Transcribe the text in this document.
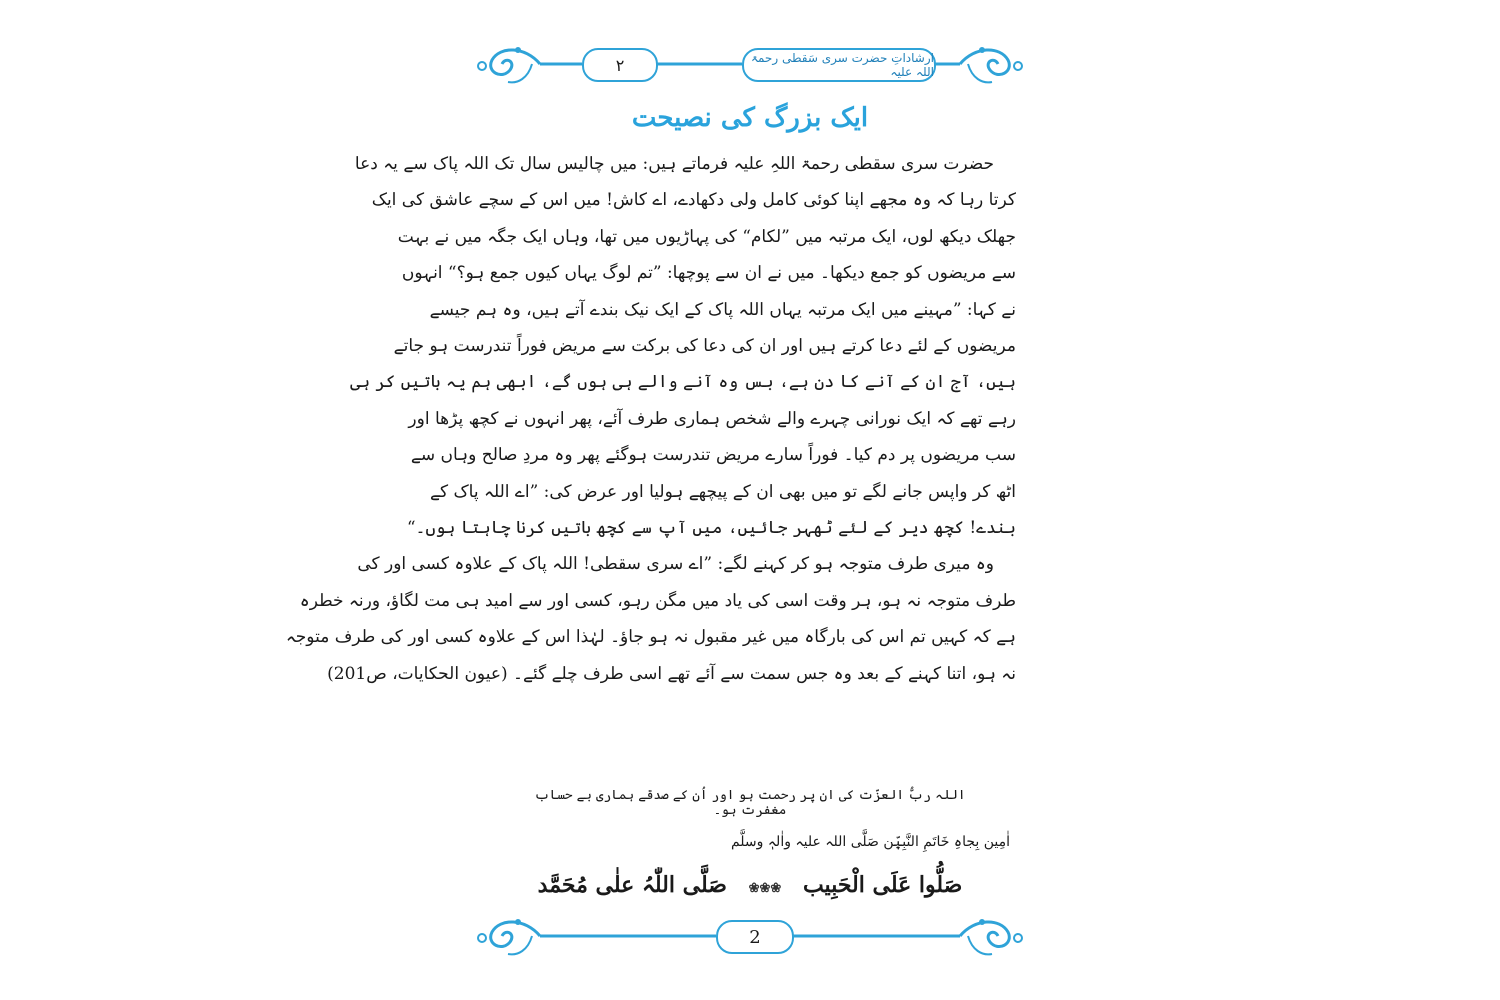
۲	ارشاداتِ حضرت سری سَقطی رحمۃ اللہ علیہ
ایک بزرگ کی نصیحت

حضرت سری سقطی رحمۃ اللہِ علیہ فرماتے ہیں: میں چالیس سال تک اللہ پاک سے یہ دعا
کرتا رہا کہ وہ مجھے اپنا کوئی کامل ولی دکھادے، اے کاش! میں اس کے سچے عاشق کی ایک
جھلک دیکھ لوں، ایک مرتبہ میں ”لکام“ کی پہاڑیوں میں تھا، وہاں ایک جگہ میں نے بہت
سے مریضوں کو جمع دیکھا۔ میں نے ان سے پوچھا: ”تم لوگ یہاں کیوں جمع ہو؟“ انہوں
نے کہا: ”مہینے میں ایک مرتبہ یہاں اللہ پاک کے ایک نیک بندے آتے ہیں، وہ ہم جیسے
مریضوں کے لئے دعا کرتے ہیں اور ان کی دعا کی برکت سے مریض فوراً تندرست ہو جاتے
ہیں، آج ان کے آنے کا دن ہے، بس وہ آنے والے ہی ہوں گے، ابھی ہم یہ باتیں کر ہی
رہے تھے کہ ایک نورانی چہرے والے شخص ہماری طرف آئے، پھر انہوں نے کچھ پڑھا اور
سب مریضوں پر دم کیا۔ فوراً سارے مریض تندرست ہوگئے پھر وہ مردِ صالح وہاں سے
اٹھ کر واپس جانے لگے تو میں بھی ان کے پیچھے ہولیا اور عرض کی: ”اے اللہ پاک کے
بندے! کچھ دیر کے لئے ٹھہر جائیں، میں آپ سے کچھ باتیں کرنا چاہتا ہوں۔“

وہ میری طرف متوجہ ہو کر کہنے لگے: ”اے سری سقطی! اللہ پاک کے علاوہ کسی اور کی
طرف متوجہ نہ ہو، ہر وقت اسی کی یاد میں مگن رہو، کسی اور سے امید ہی مت لگاؤ، ورنہ خطرہ
ہے کہ کہیں تم اس کی بارگاہ میں غیر مقبول نہ ہو جاؤ۔ لہٰذا اس کے علاوہ کسی اور کی طرف متوجہ
نہ ہو، اتنا کہنے کے بعد وہ جس سمت سے آئے تھے اسی طرف چلے گئے۔ (عیون الحکایات، ص201)

اللہ ربُّ العزّت کی ان پر رحمت ہو اور اُن کے صدقے ہماری بے حساب مغفرت ہو۔
اٰمِین بِجاہِ خَاتَمِ النَّبِیّٖن صَلَّی اللہ علیہ واٰلہٖ وسلَّم
صَلُّوا عَلَی الْحَبِیب ❀❀❀ صَلَّی اللّٰہُ علٰی مُحَمَّد
2
